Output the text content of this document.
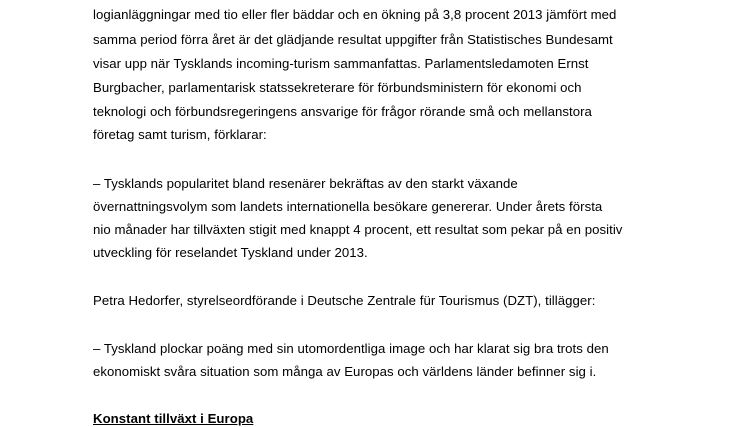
logianläggningar med tio eller fler bäddar och en ökning på 3,8 procent 2013 jämfört med
samma period förra året är det glädjande resultat uppgifter från Statistisches Bundesamt
visar upp när Tysklands incoming-turism sammanfattas. Parlamentsledamoten Ernst
Burgbacher, parlamentarisk statssekreterare för förbundsministern för ekonomi och
teknologi och förbundsregeringens ansvarige för frågor rörande små och mellanstora
företag samt turism, förklarar:
– Tysklands popularitet bland resenärer bekräftas av den starkt växande
övernattningsvolym som landets internationella besökare genererar. Under årets första
nio månader har tillväxten stigit med knappt 4 procent, ett resultat som pekar på en positiv
utveckling för reselandet Tyskland under 2013.
Petra Hedorfer, styrelseordförande i Deutsche Zentrale für Tourismus (DZT), tillägger:
– Tyskland plockar poäng med sin utomordentliga image och har klarat sig bra trots den
ekonomiskt svåra situation som många av Europas och världens länder befinner sig i.
Konstant tillväxt i Europa
